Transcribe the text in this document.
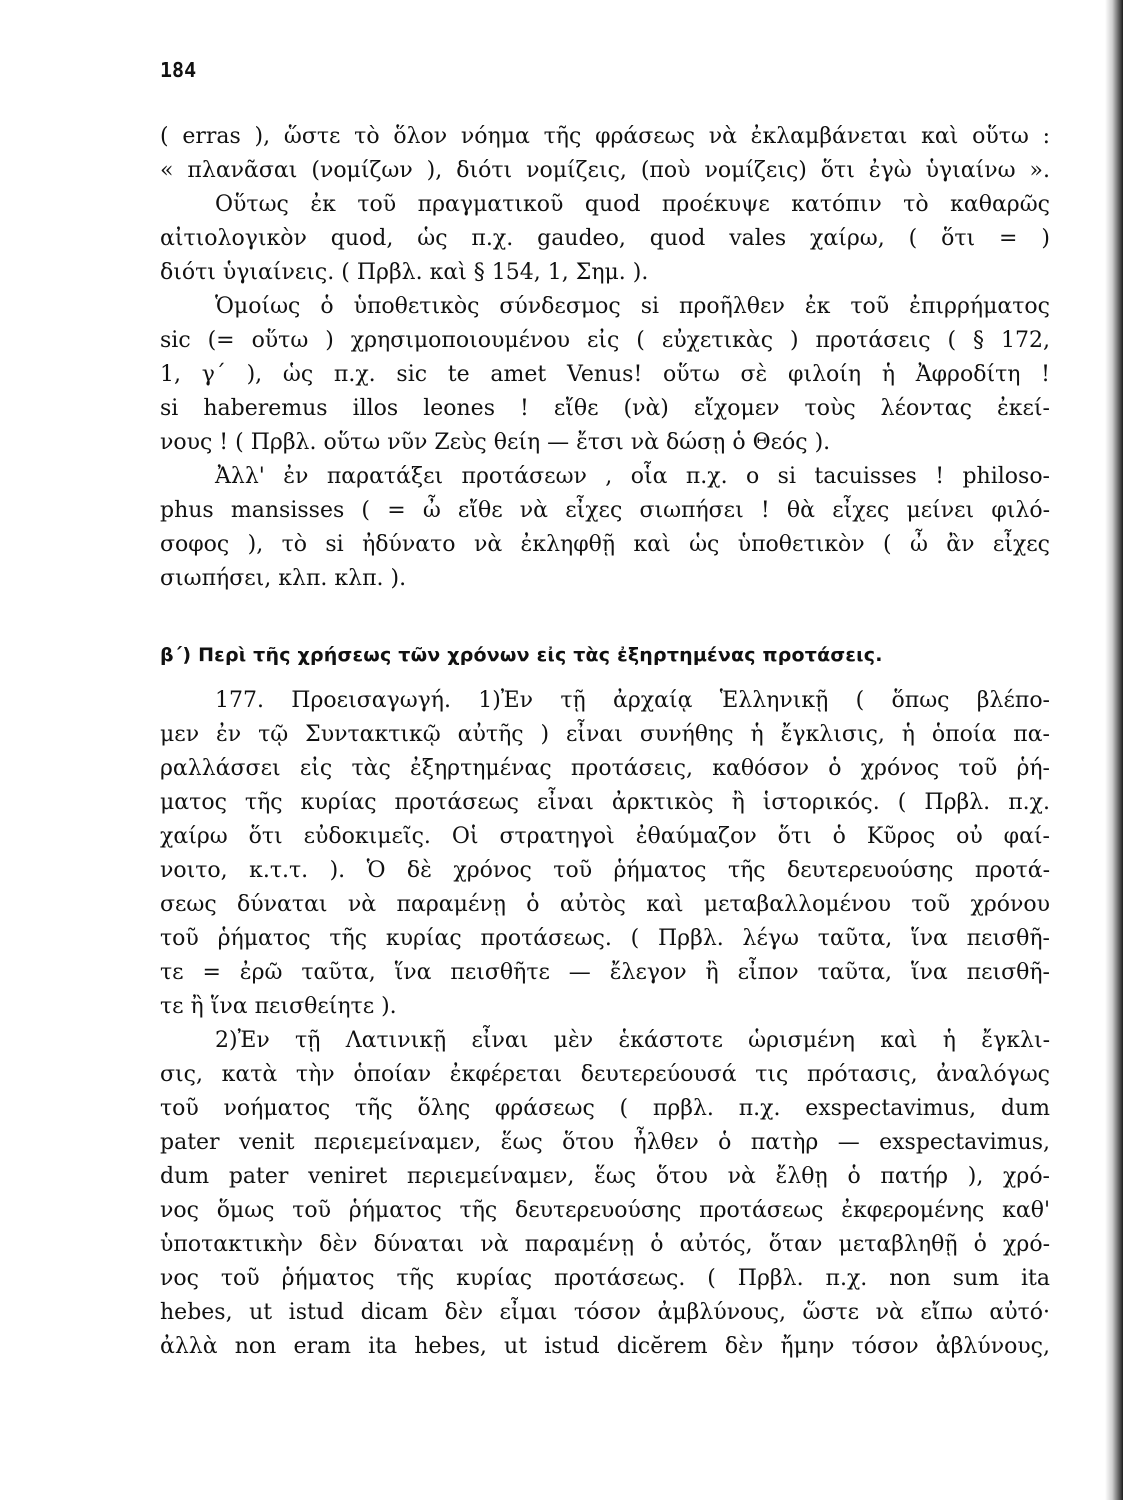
184
( erras ), ὥστε τὸ ὅλον νόημα τῆς φράσεως νὰ ἐκλαμβάνεται καὶ οὕτω :
« πλανᾶσαι (νομίζων ), διότι νομίζεις, (ποὺ νομίζεις) ὅτι ἐγὼ ὑγιαίνω ».
Οὕτως ἐκ τοῦ πραγματικοῦ quod προέκυψε κατόπιν τὸ καθαρῶς
αἰτιολογικὸν quod, ὡς π.χ. gaudeo, quod vales χαίρω, ( ὅτι = )
διότι ὑγιαίνεις. ( Πρβλ. καὶ § 154, 1, Σημ. ).
Ὁμοίως ὁ ὑποθετικὸς σύνδεσμος si προῆλθεν ἐκ τοῦ ἐπιρρήματος
sic (= οὕτω ) χρησιμοποιουμένου εἰς ( εὐχετικὰς ) προτάσεις ( § 172,
1, γ΄ ), ὡς π.χ. sic te amet Venus! οὕτω σὲ φιλοίη ἡ Ἀφροδίτη !
si haberemus illos leones ! εἴθε (νὰ) εἴχομεν τοὺς λέοντας ἐκεί-
νους ! ( Πρβλ. οὕτω νῦν Ζεὺς θείη — ἔτσι νὰ δώσῃ ὁ Θεός ).
Ἀλλ' ἐν παρατάξει προτάσεων , οἷα π.χ. o si tacuisses ! philoso-
phus mansisses ( = ὦ εἴθε νὰ εἶχες σιωπήσει ! θὰ εἶχες μείνει φιλό-
σοφος ), τὸ si ἠδύνατο νὰ ἐκληφθῇ καὶ ὡς ὑποθετικὸν ( ὦ ἂν εἶχες
σιωπήσει, κλπ. κλπ. ).
β΄) Περὶ τῆς χρήσεως τῶν χρόνων εἰς τὰς ἐξηρτημένας προτάσεις.
177. Προεισαγωγή. 1)Ἐν τῇ ἀρχαίᾳ Ἑλληνικῇ ( ὅπως βλέπο-
μεν ἐν τῷ Συντακτικῷ αὐτῆς ) εἶναι συνήθης ἡ ἔγκλισις, ἡ ὁποία πα-
ραλλάσσει εἰς τὰς ἐξηρτημένας προτάσεις, καθόσον ὁ χρόνος τοῦ ῥή-
ματος τῆς κυρίας προτάσεως εἶναι ἀρκτικὸς ἢ ἱστορικός. ( Πρβλ. π.χ.
χαίρω ὅτι εὐδοκιμεῖς. Οἱ στρατηγοὶ ἐθαύμαζον ὅτι ὁ Κῦρος οὐ φαί-
νοιτο, κ.τ.τ. ). Ὁ δὲ χρόνος τοῦ ῥήματος τῆς δευτερευούσης προτά-
σεως δύναται νὰ παραμένῃ ὁ αὐτὸς καὶ μεταβαλλομένου τοῦ χρόνου
τοῦ ῥήματος τῆς κυρίας προτάσεως. ( Πρβλ. λέγω ταῦτα, ἵνα πεισθῆ-
τε = ἐρῶ ταῦτα, ἵνα πεισθῆτε — ἔλεγον ἢ εἶπον ταῦτα, ἵνα πεισθῆ-
τε ἢ ἵνα πεισθείητε ).
2)Ἐν τῇ Λατινικῇ εἶναι μὲν ἑκάστοτε ὡρισμένη καὶ ἡ ἔγκλι-
σις, κατὰ τὴν ὁποίαν ἐκφέρεται δευτερεύουσά τις πρότασις, ἀναλόγως
τοῦ νοήματος τῆς ὅλης φράσεως ( πρβλ. π.χ. exspectavimus, dum
pater venit περιεμείναμεν, ἕως ὅτου ἦλθεν ὁ πατὴρ — exspectavimus,
dum pater veniret περιεμείναμεν, ἕως ὅτου νὰ ἔλθῃ ὁ πατήρ ), χρό-
νος ὅμως τοῦ ῥήματος τῆς δευτερευούσης προτάσεως ἐκφερομένης καθ'
ὑποτακτικὴν δὲν δύναται νὰ παραμένῃ ὁ αὐτός, ὅταν μεταβληθῇ ὁ χρό-
νος τοῦ ῥήματος τῆς κυρίας προτάσεως. ( Πρβλ. π.χ. non sum ita
hebes, ut istud dicam δὲν εἶμαι τόσον ἀμβλύνους, ὥστε νὰ εἴπω αὐτό·
ἀλλὰ non eram ita hebes, ut istud dicĕrem δὲν ἤμην τόσον ἀβλύνους,
